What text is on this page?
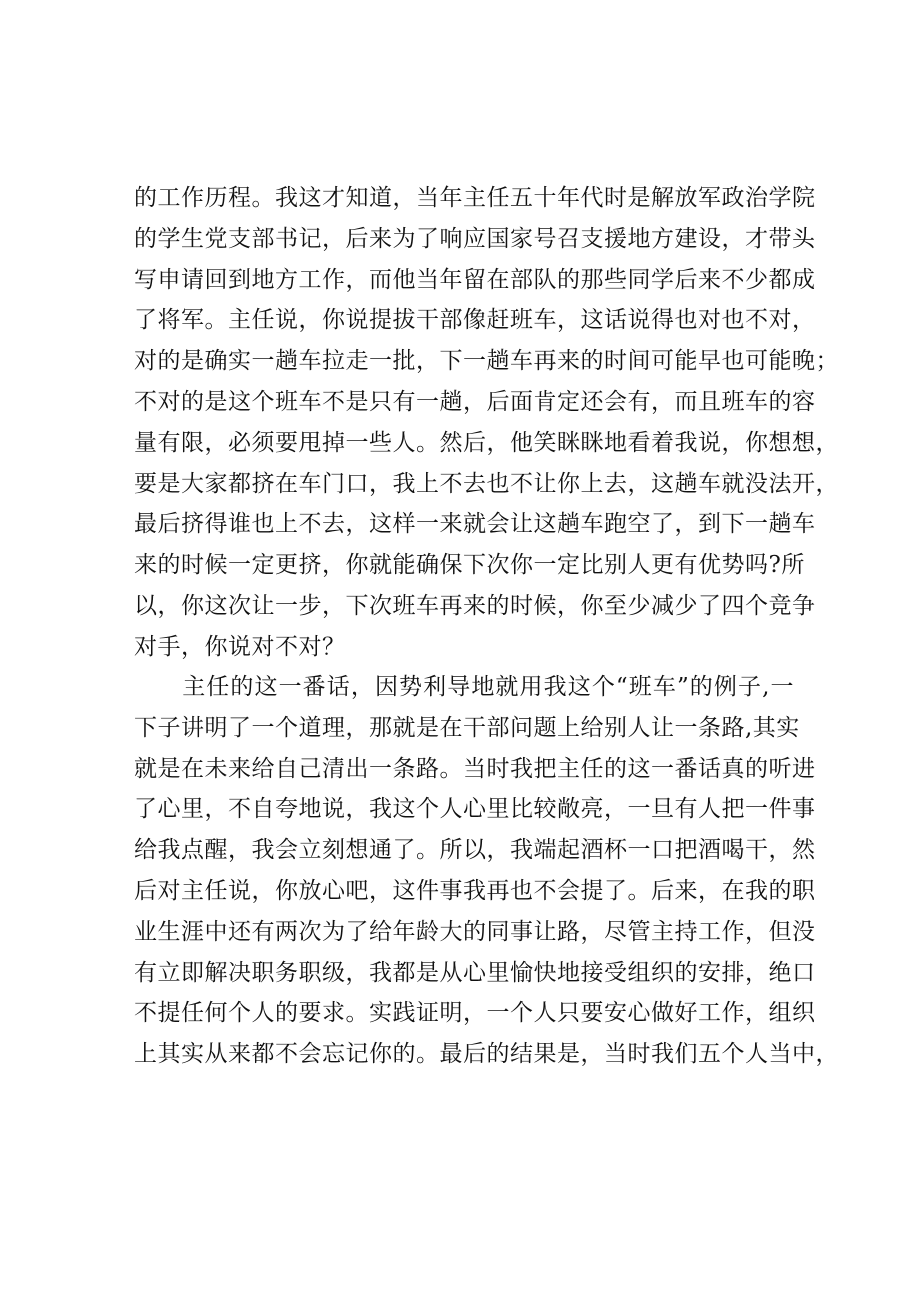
的工作历程。我这才知道，当年主任五十年代时是解放军政治学院
的学生党支部书记，后来为了响应国家号召支援地方建设，才带头
写申请回到地方工作，而他当年留在部队的那些同学后来不少都成
了将军。主任说，你说提拔干部像赶班车，这话说得也对也不对，
对的是确实一趟车拉走一批，下一趟车再来的时间可能早也可能晚；
不对的是这个班车不是只有一趟，后面肯定还会有，而且班车的容
量有限，必须要甩掉一些人。然后，他笑眯眯地看着我说，你想想，
要是大家都挤在车门口，我上不去也不让你上去，这趟车就没法开，
最后挤得谁也上不去，这样一来就会让这趟车跑空了，到下一趟车
来的时候一定更挤，你就能确保下次你一定比别人更有优势吗?所
以，你这次让一步，下次班车再来的时候，你至少减少了四个竞争
对手，你说对不对？
　　主任的这一番话，因势利导地就用我这个“班车”的例子,一
下子讲明了一个道理，那就是在干部问题上给别人让一条路,其实
就是在未来给自己清出一条路。当时我把主任的这一番话真的听进
了心里，不自夸地说，我这个人心里比较敞亮，一旦有人把一件事
给我点醒，我会立刻想通了。所以，我端起酒杯一口把酒喝干，然
后对主任说，你放心吧，这件事我再也不会提了。后来，在我的职
业生涯中还有两次为了给年龄大的同事让路，尽管主持工作，但没
有立即解决职务职级，我都是从心里愉快地接受组织的安排，绝口
不提任何个人的要求。实践证明，一个人只要安心做好工作，组织
上其实从来都不会忘记你的。最后的结果是，当时我们五个人当中，
